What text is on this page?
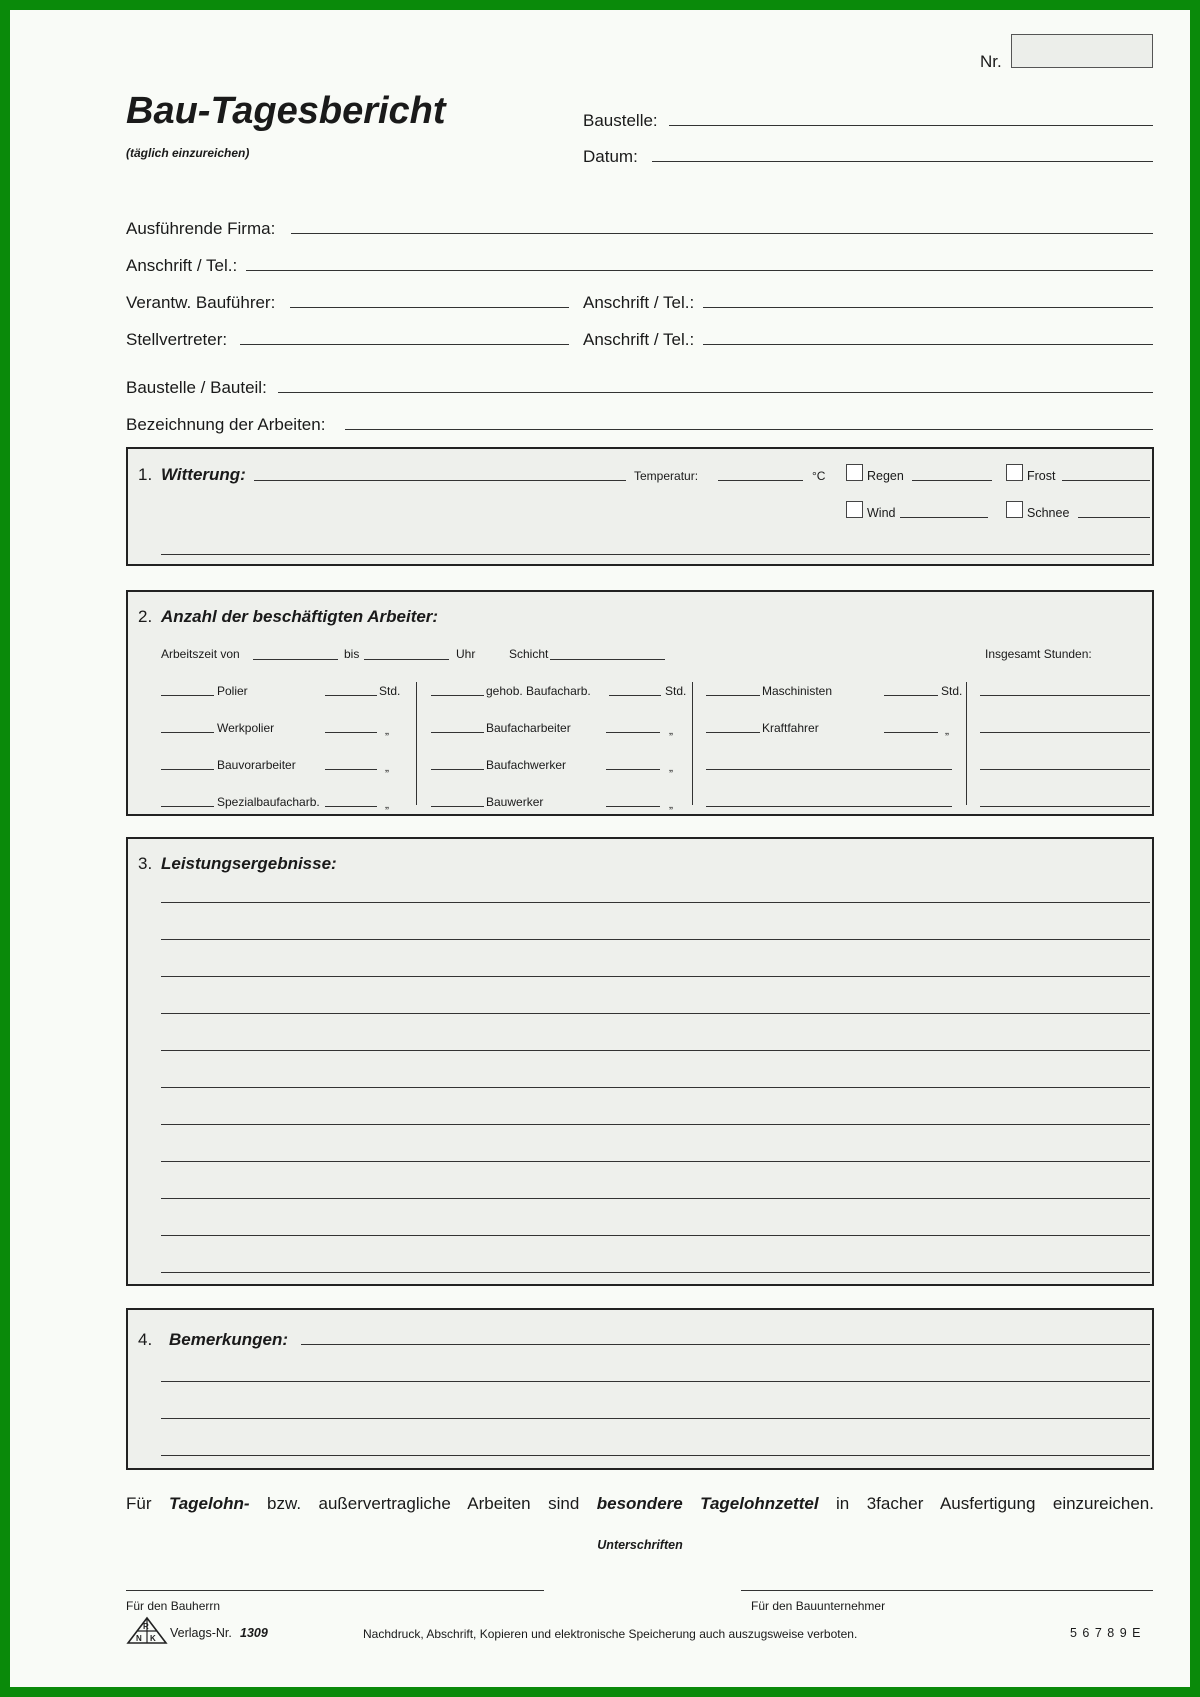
Nr.
Bau-Tagesbericht
(täglich einzureichen)
Baustelle:
Datum:
Ausführende Firma:
Anschrift / Tel.:
Verantw. Bauführer:	Anschrift / Tel.:
Stellvertreter:	Anschrift / Tel.:
Baustelle / Bauteil:
Bezeichnung der Arbeiten:
1. Witterung:	Temperatur:	°C	Regen	Frost
Wind	Schnee
2. Anzahl der beschäftigten Arbeiter:
Arbeitszeit von	bis	Uhr	Schicht	Insgesamt Stunden:
Polier	Std.
Werkpolier	„
Bauvorarbeiter	„
Spezialbaufacharb.	„
gehob. Baufacharb.	Std.
Baufacharbeiter	„
Baufachwerker	„
Bauwerker	„
Maschinisten	Std.
Kraftfahrer	„
3. Leistungsergebnisse:
4. Bemerkungen:
Für Tagelohn- bzw. außervertragliche Arbeiten sind besondere Tagelohnzettel in 3facher Ausfertigung einzureichen.
Unterschriften
Für den Bauherrn	Für den Bauunternehmer
R
N K Verlags-Nr. 1309	Nachdruck, Abschrift, Kopieren und elektronische Speicherung auch auszugsweise verboten.	5 6 7 8 9 E
